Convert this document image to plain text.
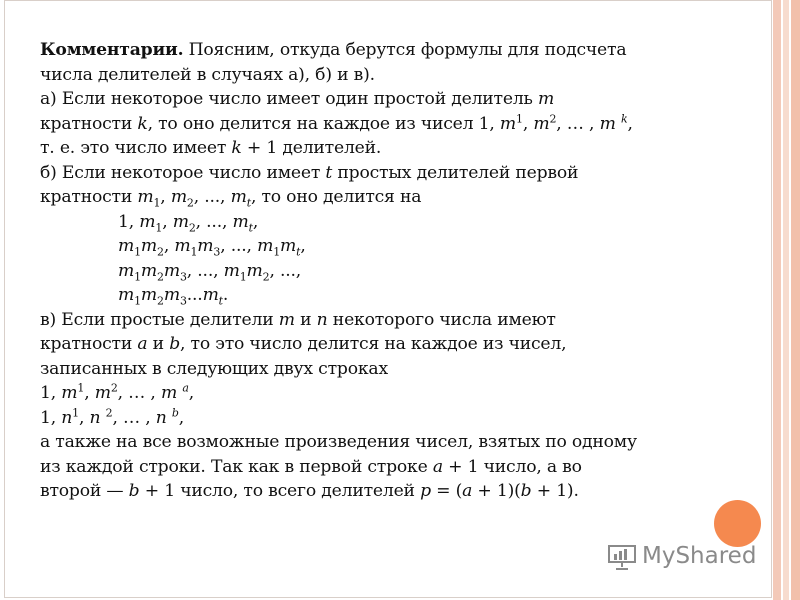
Комментарии. Поясним, откуда берутся формулы для подсчета
числа делителей в случаях а), б) и в).
а) Если некоторое число имеет один простой делитель m
кратности k, то оно делится на каждое из чисел 1, $m^1$, $m^2$, … , m $^k$,
т. е. это число имеет k + 1 делителей.
б) Если некоторое число имеет t простых делителей первой
кратности $m_1$, $m_2$, ..., $m_t$, то оно делится на
1, $m_1$, $m_2$, ..., $m_t$,
$m_1m_2$, $m_1m_3$, ..., $m_1m_t$,
$m_1m_2m_3$, ..., $m_1m_2$, ...,
$m_1m_2m_3...m_t$.
в) Если простые делители m и n некоторого числа имеют
кратности a и b, то это число делится на каждое из чисел,
записанных в следующих двух строках
1, $m^1$, $m^2$, … , m $^a$,
1, $n^1$, n $^2$, … , n $^b$,
а также на все возможные произведения чисел, взятых по одному
из каждой строки. Так как в первой строке a + 1 число, а во
второй — b + 1 число, то всего делителей p = (a + 1)(b + 1).
MyShared
